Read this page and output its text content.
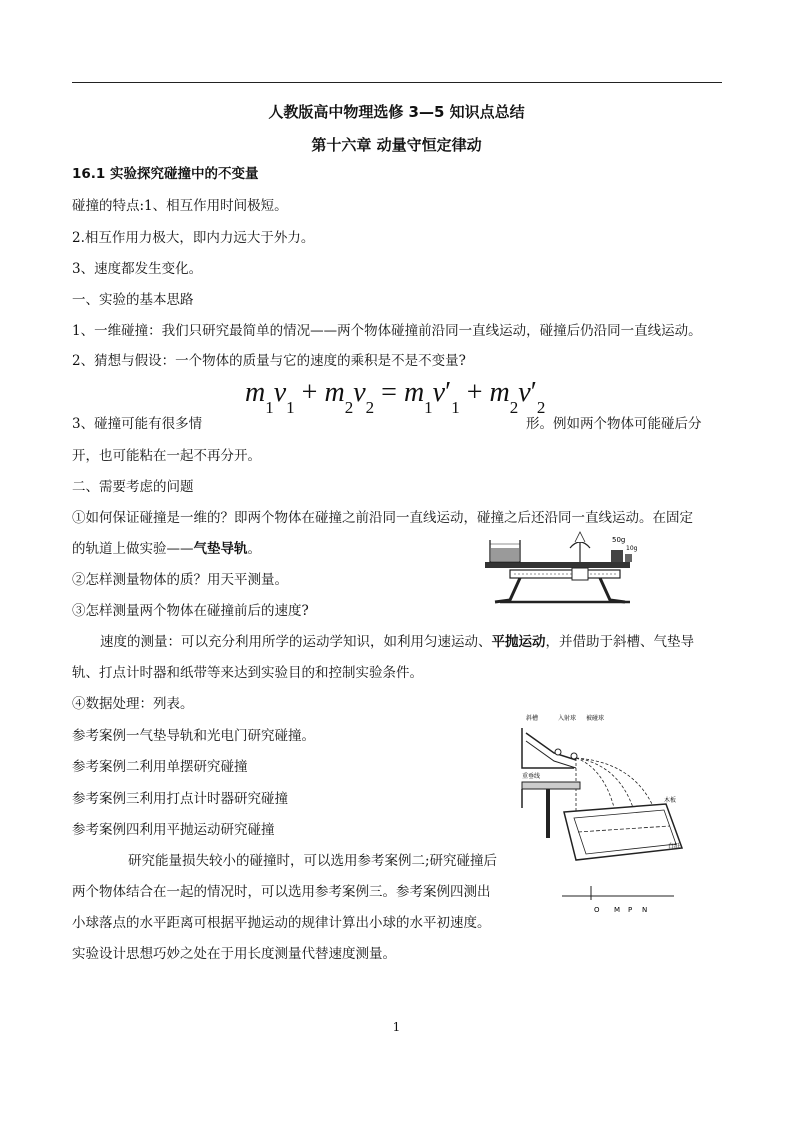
人教版高中物理选修 3—5 知识点总结
第十六章 动量守恒定律动
16.1 实验探究碰撞中的不变量
碰撞的特点:1、相互作用时间极短。
2.相互作用力极大，即内力远大于外力。
3、速度都发生变化。
一、实验的基本思路
1、一维碰撞：我们只研究最简单的情况——两个物体碰撞前沿同一直线运动，碰撞后仍沿同一直线运动。
2、猜想与假设：一个物体的质量与它的速度的乘积是不是不变量?
$m_1v_1 + m_2v_2 = m_1v'_1 + m_2v'_2$
3、碰撞可能有很多情	形。例如两个物体可能碰后分
开，也可能粘在一起不再分开。
二、需要考虑的问题
①如何保证碰撞是一维的？即两个物体在碰撞之前沿同一直线运动，碰撞之后还沿同一直线运动。在固定
的轨道上做实验——气垫导轨。
②怎样测量物体的质？用天平测量。
③怎样测量两个物体在碰撞前后的速度?
速度的测量：可以充分利用所学的运动学知识，如利用匀速运动、平抛运动，并借助于斜槽、气垫导
轨、打点计时器和纸带等来达到实验目的和控制实验条件。
④数据处理：列表。
参考案例一气垫导轨和光电门研究碰撞。
参考案例二利用单摆研究碰撞
参考案例三利用打点计时器研究碰撞
参考案例四利用平抛运动研究碰撞
研究能量损失较小的碰撞时，可以选用参考案例二;研究碰撞后
两个物体结合在一起的情况时，可以选用参考案例三。参考案例四测出
小球落点的水平距离可根据平抛运动的规律计算出小球的水平初速度。
实验设计思想巧妙之处在于用长度测量代替速度测量。
50g
10g
斜槽	入射球 被碰球
重垂线
木板
白纸
O M P N
1
